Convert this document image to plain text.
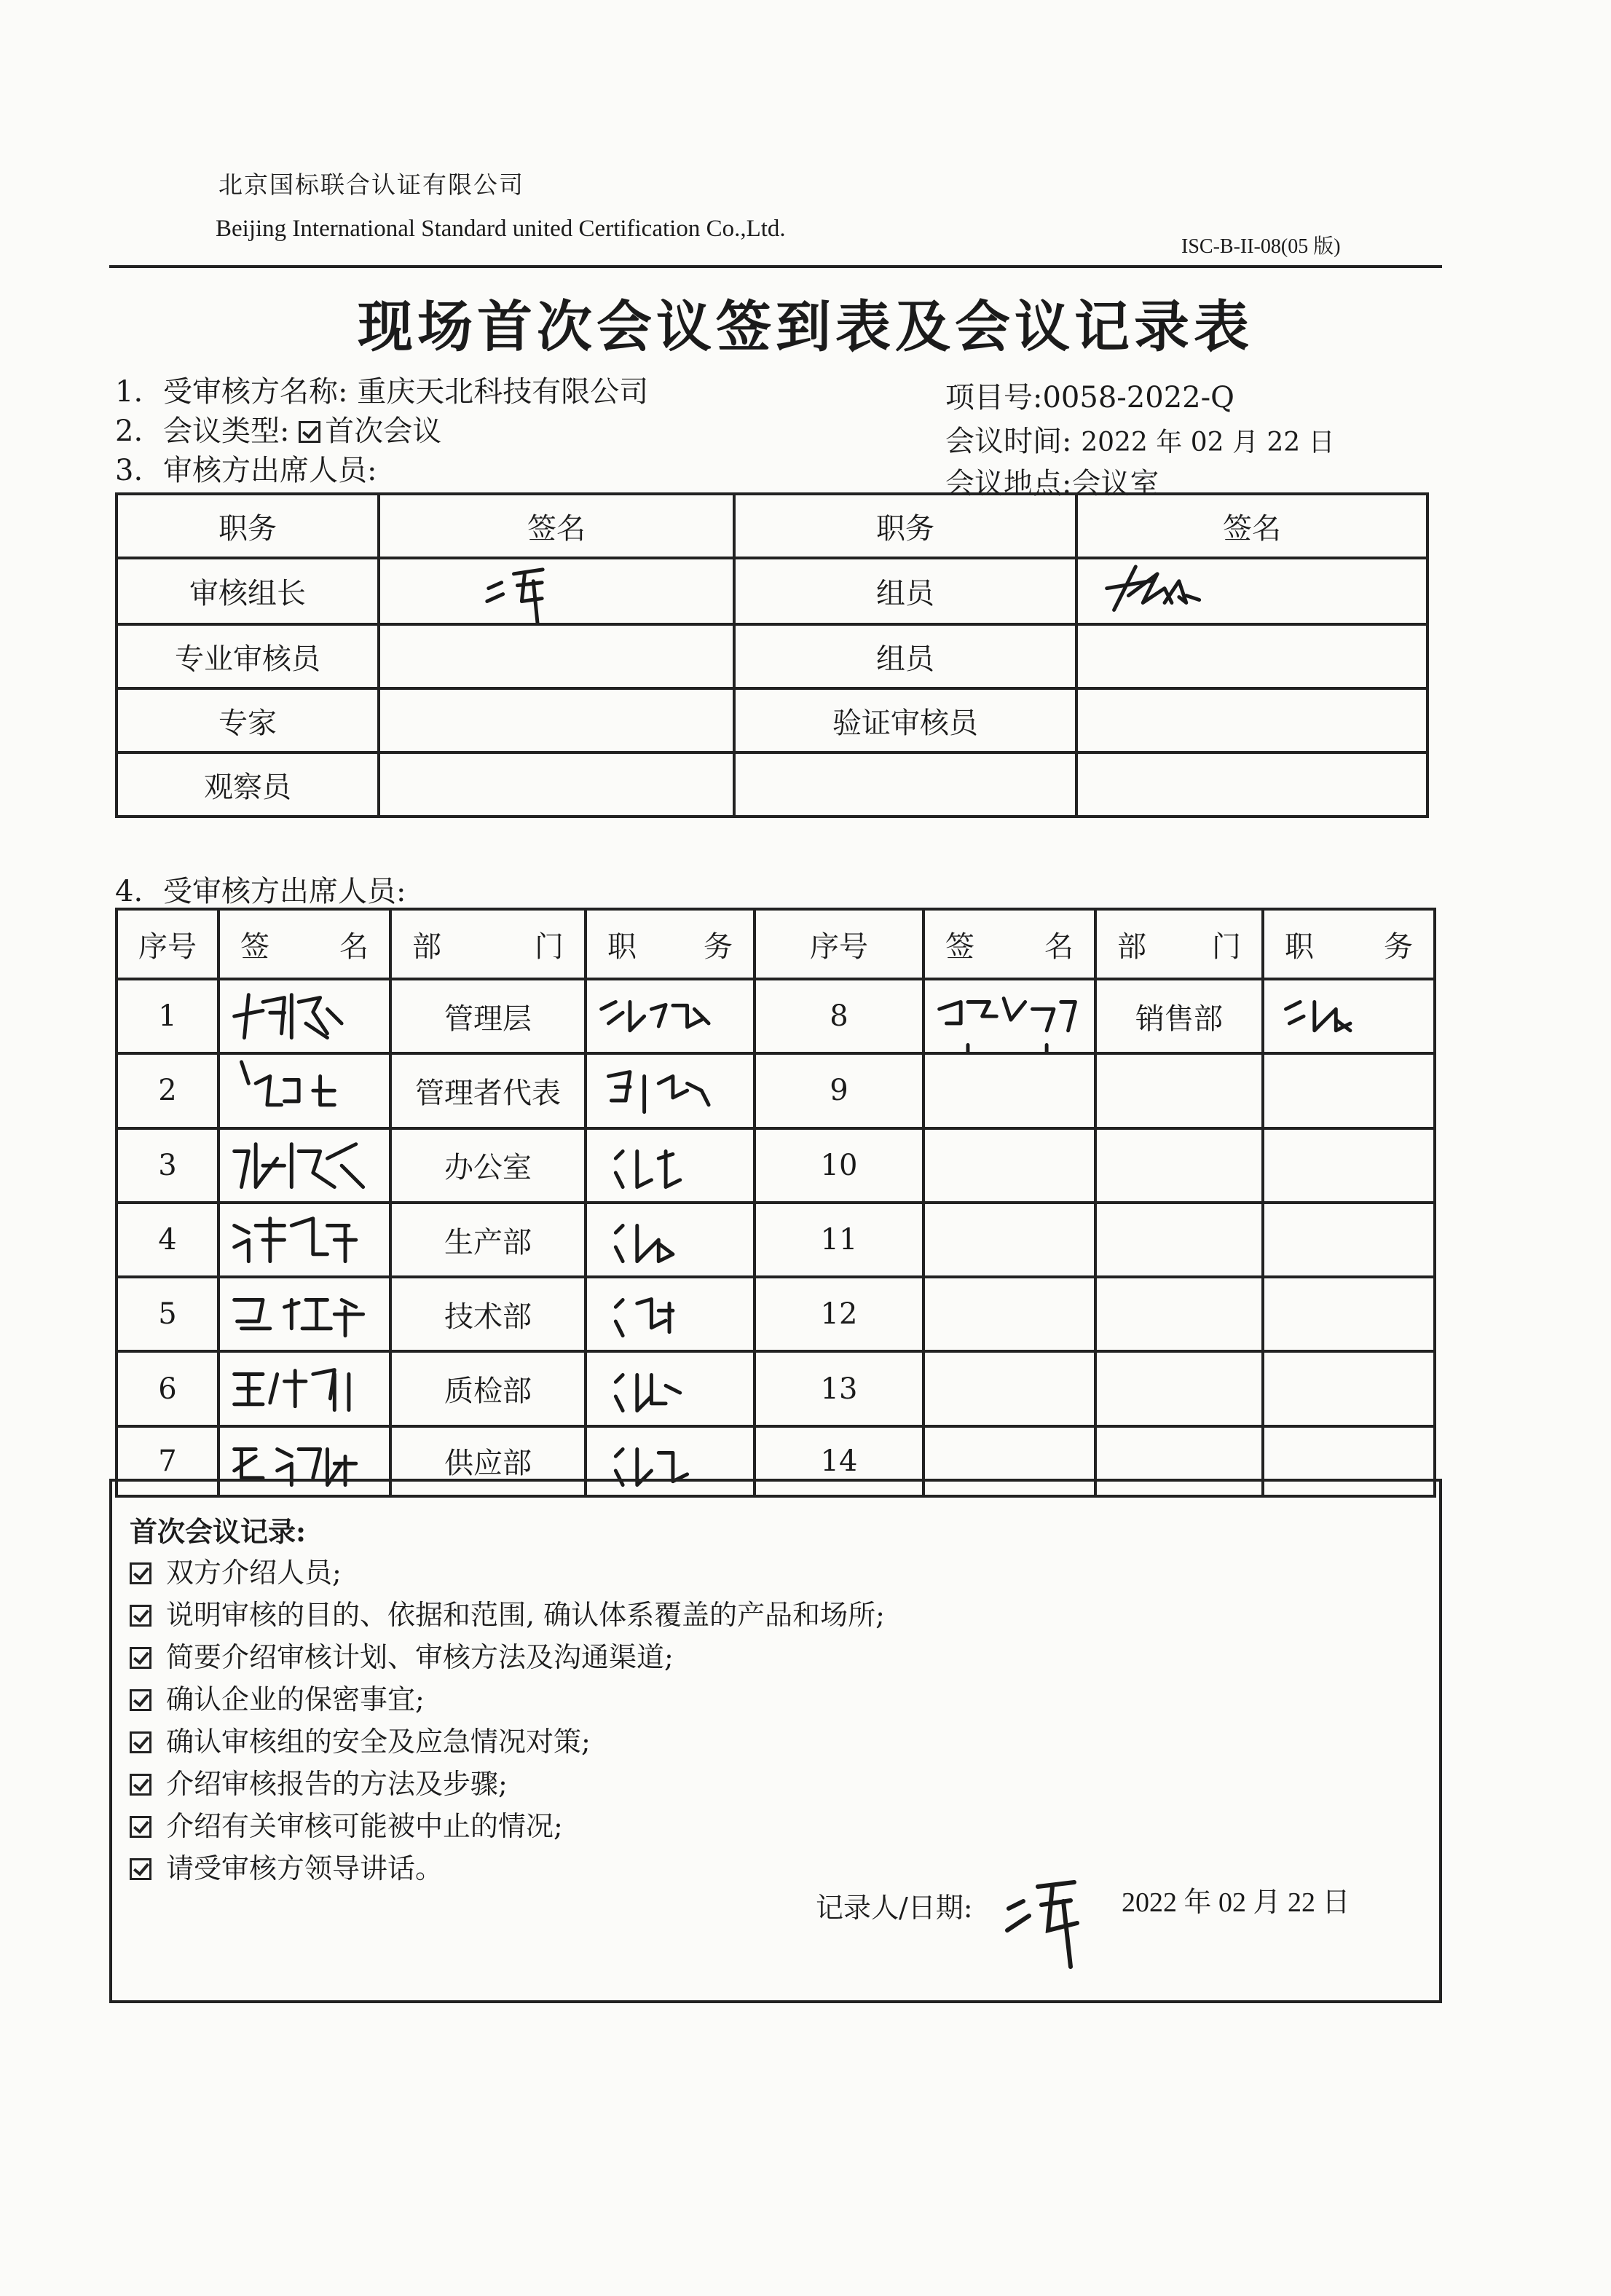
北京国标联合认证有限公司
Beijing International Standard united Certification Co.,Ltd.
ISC-B-II-08(05 版)
现场首次会议签到表及会议记录表
1. 受审核方名称: 重庆天北科技有限公司
2. 会议类型: 首次会议
3. 审核方出席人员:
项目号:0058-2022-Q
会议时间: 2022 年 02 月 22 日
会议地点:会议室
职务	签名	职务	签名
审核组长		组员	

专业审核员		组员	
专家		验证审核员	
观察员			
4. 受审核方出席人员:
序号	签 名	部 门	职 务	序号	签 名	部 门	职 务

1		管理层		8		销售部	

2		管理者代表		9			
3		办公室		10			
4		生产部		11			
5		技术部		12			
6		质检部		13			
7		供应部		14			
首次会议记录:
双方介绍人员;
说明审核的目的、依据和范围, 确认体系覆盖的产品和场所;
简要介绍审核计划、审核方法及沟通渠道;
确认企业的保密事宜;
确认审核组的安全及应急情况对策;
介绍审核报告的方法及步骤;
介绍有关审核可能被中止的情况;
请受审核方领导讲话。
记录人/日期:	2022 年 02 月 22 日
